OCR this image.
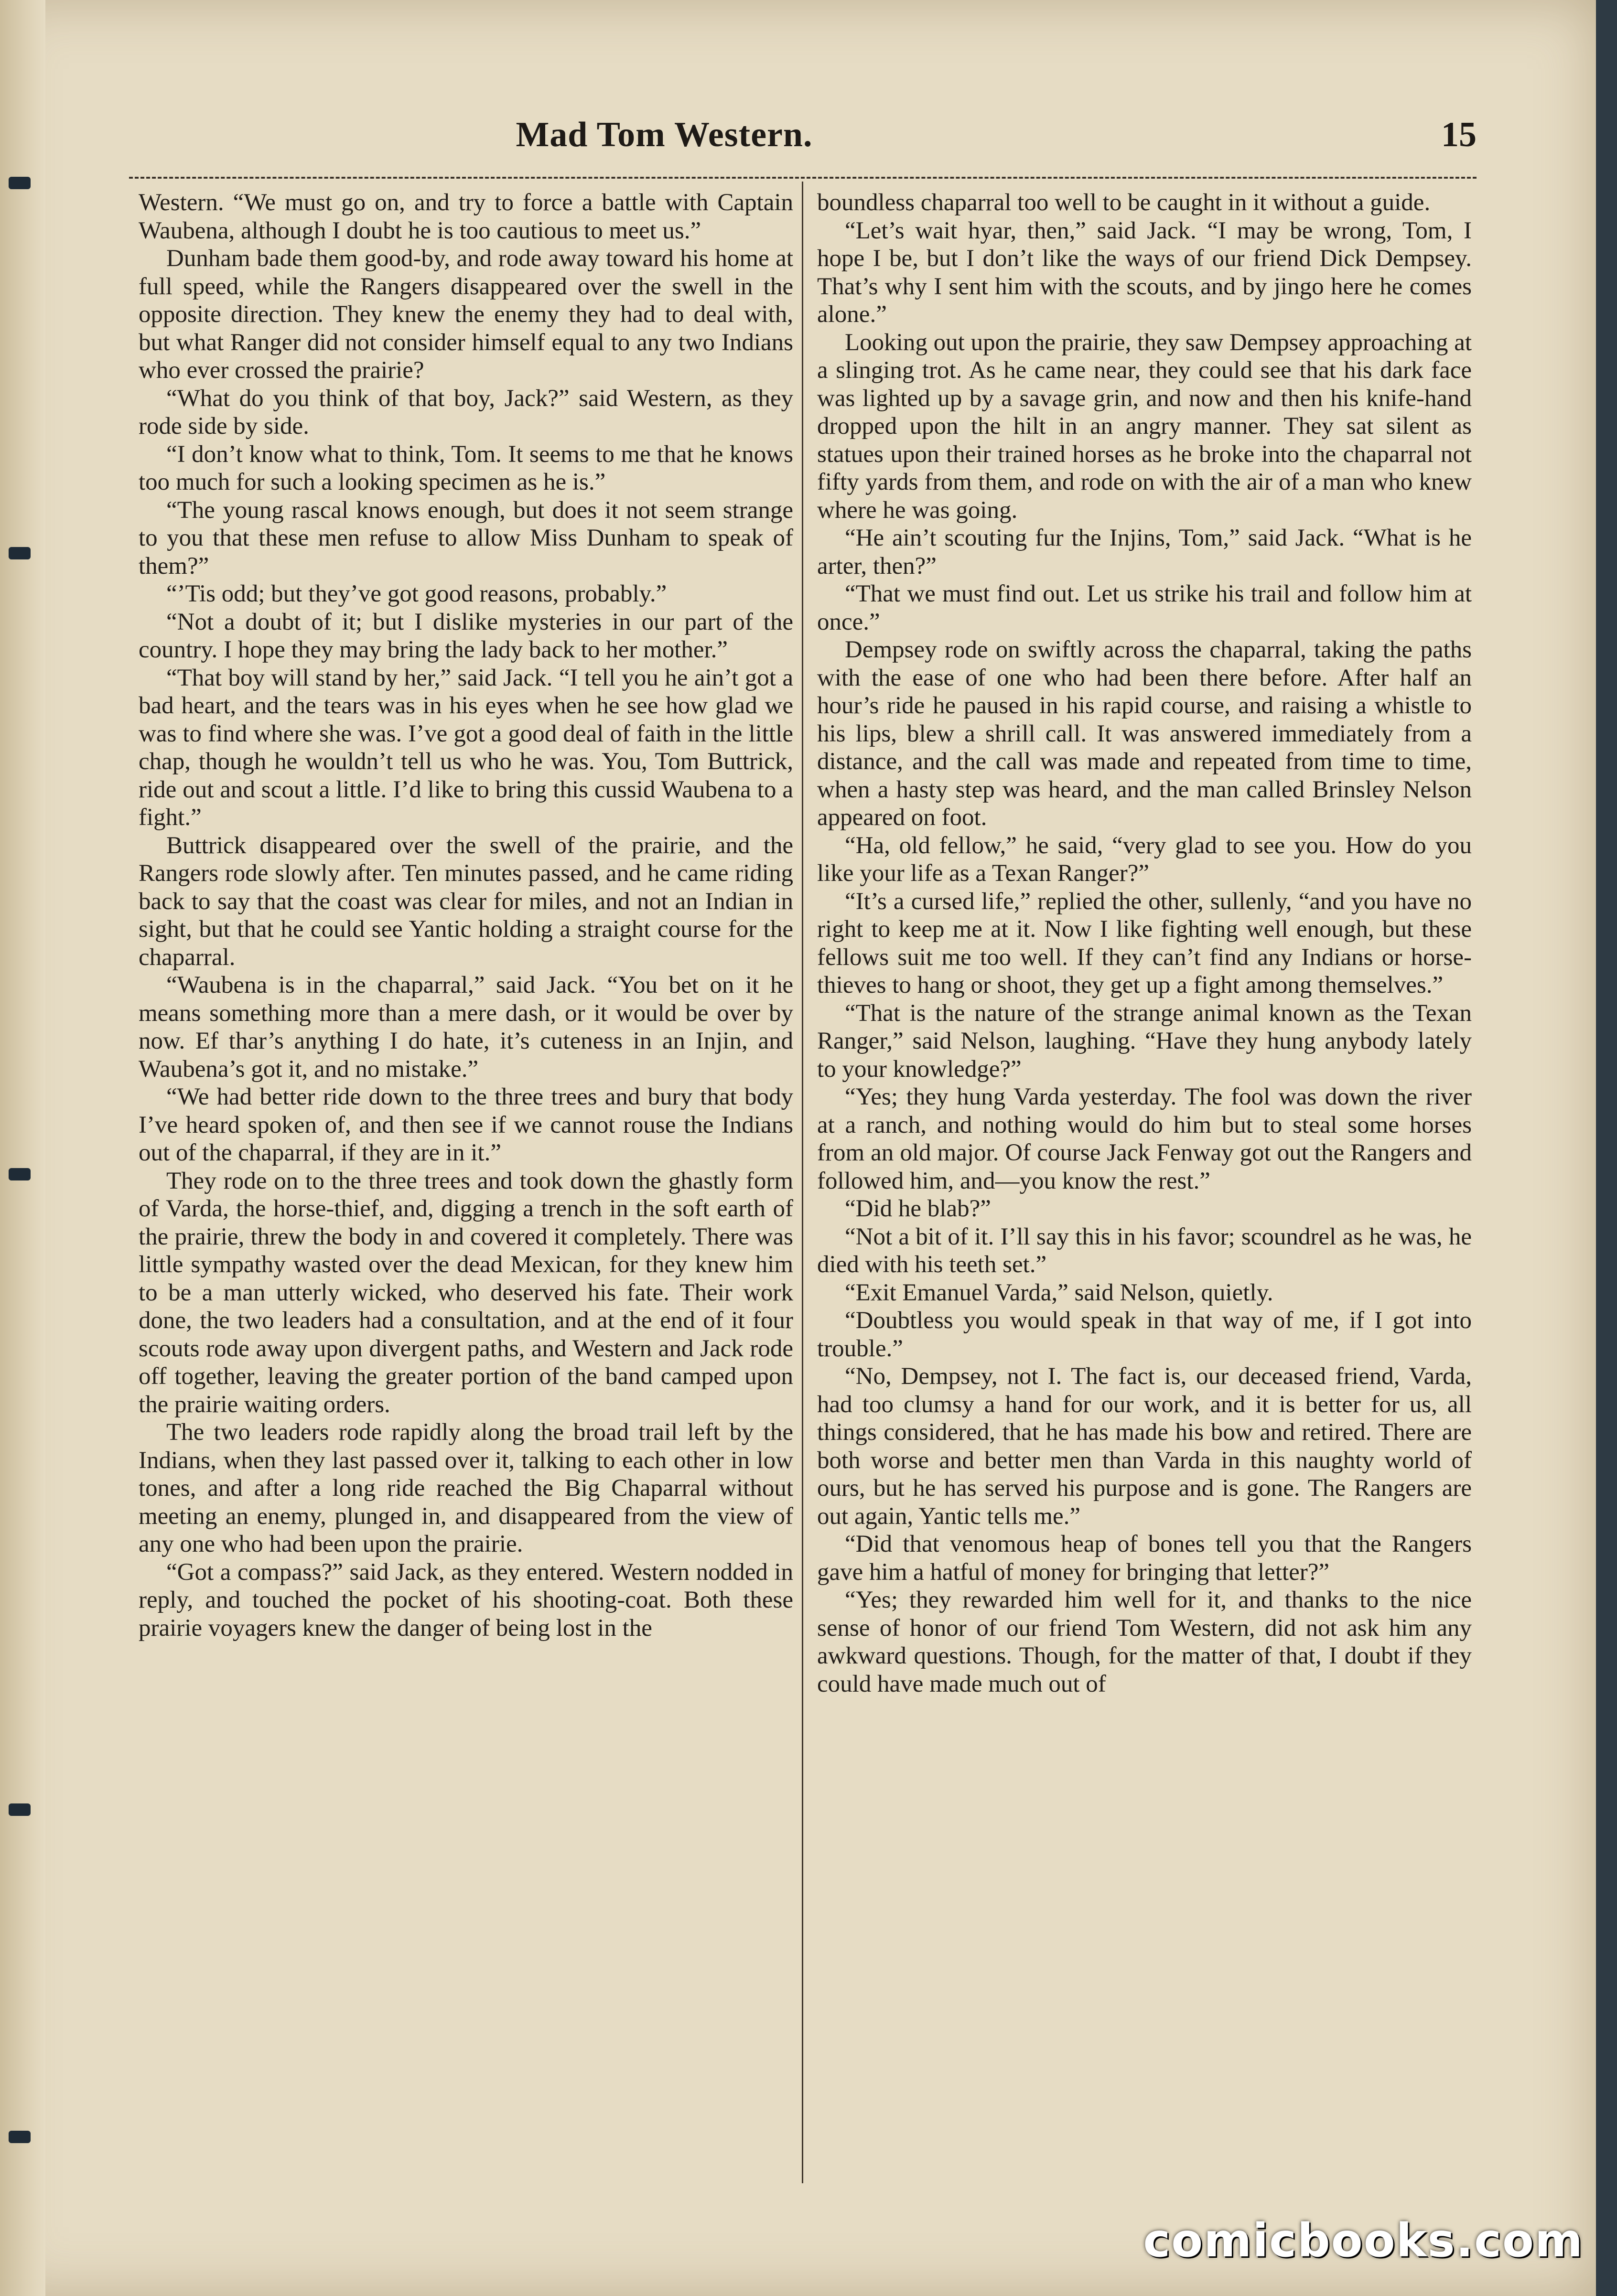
Mad Tom Western.	15

Western. “We must go on, and try to force a battle with Captain Waubena, although I doubt he is too cautious to meet us.”

Dunham bade them good-by, and rode away toward his home at full speed, while the Rangers disappeared over the swell in the opposite direction. They knew the enemy they had to deal with, but what Ranger did not consider himself equal to any two Indians who ever crossed the prairie?

“What do you think of that boy, Jack?” said Western, as they rode side by side.

“I don’t know what to think, Tom. It seems to me that he knows too much for such a looking specimen as he is.”

“The young rascal knows enough, but does it not seem strange to you that these men refuse to allow Miss Dunham to speak of them?”

“’Tis odd; but they’ve got good reasons, probably.”

“Not a doubt of it; but I dislike mysteries in our part of the country. I hope they may bring the lady back to her mother.”

“That boy will stand by her,” said Jack. “I tell you he ain’t got a bad heart, and the tears was in his eyes when he see how glad we was to find where she was. I’ve got a good deal of faith in the little chap, though he wouldn’t tell us who he was. You, Tom Buttrick, ride out and scout a little. I’d like to bring this cussid Waubena to a fight.”

Buttrick disappeared over the swell of the prairie, and the Rangers rode slowly after. Ten minutes passed, and he came riding back to say that the coast was clear for miles, and not an Indian in sight, but that he could see Yantic holding a straight course for the chaparral.

“Waubena is in the chaparral,” said Jack. “You bet on it he means something more than a mere dash, or it would be over by now. Ef thar’s anything I do hate, it’s cuteness in an Injin, and Waubena’s got it, and no mistake.”

“We had better ride down to the three trees and bury that body I’ve heard spoken of, and then see if we cannot rouse the Indians out of the chaparral, if they are in it.”

They rode on to the three trees and took down the ghastly form of Varda, the horse-thief, and, digging a trench in the soft earth of the prairie, threw the body in and covered it completely. There was little sympathy wasted over the dead Mexican, for they knew him to be a man utterly wicked, who deserved his fate. Their work done, the two leaders had a consultation, and at the end of it four scouts rode away upon divergent paths, and Western and Jack rode off together, leaving the greater portion of the band camped upon the prairie waiting orders.

The two leaders rode rapidly along the broad trail left by the Indians, when they last passed over it, talking to each other in low tones, and after a long ride reached the Big Chaparral without meeting an enemy, plunged in, and disappeared from the view of any one who had been upon the prairie.

“Got a compass?” said Jack, as they entered. Western nodded in reply, and touched the pocket of his shooting-coat. Both these prairie voyagers knew the danger of being lost in the

boundless chaparral too well to be caught in it without a guide.

“Let’s wait hyar, then,” said Jack. “I may be wrong, Tom, I hope I be, but I don’t like the ways of our friend Dick Dempsey. That’s why I sent him with the scouts, and by jingo here he comes alone.”

Looking out upon the prairie, they saw Dempsey approaching at a slinging trot. As he came near, they could see that his dark face was lighted up by a savage grin, and now and then his knife-hand dropped upon the hilt in an angry manner. They sat silent as statues upon their trained horses as he broke into the chaparral not fifty yards from them, and rode on with the air of a man who knew where he was going.

“He ain’t scouting fur the Injins, Tom,” said Jack. “What is he arter, then?”

“That we must find out. Let us strike his trail and follow him at once.”

Dempsey rode on swiftly across the chaparral, taking the paths with the ease of one who had been there before. After half an hour’s ride he paused in his rapid course, and raising a whistle to his lips, blew a shrill call. It was answered immediately from a distance, and the call was made and repeated from time to time, when a hasty step was heard, and the man called Brinsley Nelson appeared on foot.

“Ha, old fellow,” he said, “very glad to see you. How do you like your life as a Texan Ranger?”

“It’s a cursed life,” replied the other, sullenly, “and you have no right to keep me at it. Now I like fighting well enough, but these fellows suit me too well. If they can’t find any Indians or horse-thieves to hang or shoot, they get up a fight among themselves.”

“That is the nature of the strange animal known as the Texan Ranger,” said Nelson, laughing. “Have they hung anybody lately to your knowledge?”

“Yes; they hung Varda yesterday. The fool was down the river at a ranch, and nothing would do him but to steal some horses from an old major. Of course Jack Fenway got out the Rangers and followed him, and—you know the rest.”

“Did he blab?”

“Not a bit of it. I’ll say this in his favor; scoundrel as he was, he died with his teeth set.”

“Exit Emanuel Varda,” said Nelson, quietly.

“Doubtless you would speak in that way of me, if I got into trouble.”

“No, Dempsey, not I. The fact is, our deceased friend, Varda, had too clumsy a hand for our work, and it is better for us, all things considered, that he has made his bow and retired. There are both worse and better men than Varda in this naughty world of ours, but he has served his purpose and is gone. The Rangers are out again, Yantic tells me.”

“Did that venomous heap of bones tell you that the Rangers gave him a hatful of money for bringing that letter?”

“Yes; they rewarded him well for it, and thanks to the nice sense of honor of our friend Tom Western, did not ask him any awkward questions. Though, for the matter of that, I doubt if they could have made much out of

comicbooks.com
